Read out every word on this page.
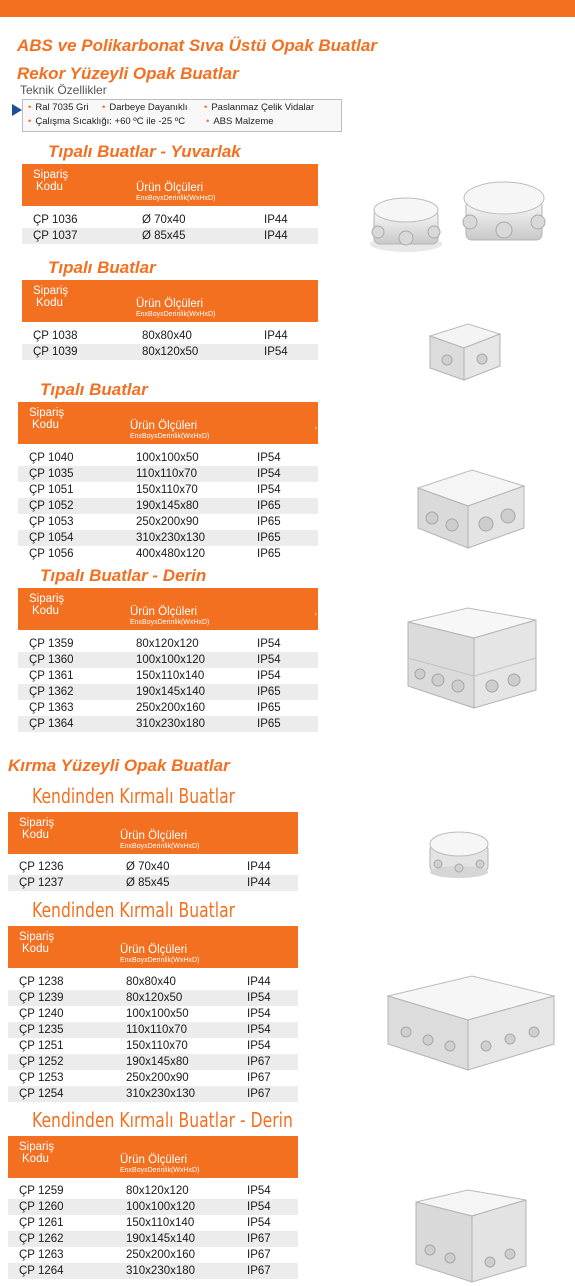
ABS ve Polikarbonat Sıva Üstü Opak Buatlar
Rekor Yüzeyli Opak Buatlar
Teknik Özellikler
• Ral 7035 Gri • Darbeye Dayanıklı • Paslanmaz Çelik Vidalar
• Çalışma Sıcaklığı: +60 ºC ile -25 ºC • ABS Malzeme
Tıpalı Buatlar - Yuvarlak
Tıpalı Buatlar
Tıpalı Buatlar
Tıpalı Buatlar - Derin
Kırma Yüzeyli Opak Buatlar
Kendinden Kırmalı Buatlar
Kendinden Kırmalı Buatlar
Kendinden Kırmalı Buatlar - Derin
Sipariş
Kodu	Ürün Ölçüleri
EnxBoyxDerinlik(WxHxD)
ÇP 1036	Ø 70x40	IP44
ÇP 1037	Ø 85x45	IP44
Sipariş
Kodu	Ürün Ölçüleri
EnxBoyxDerinlik(WxHxD)
ÇP 1038	80x80x40	IP44
ÇP 1039	80x120x50	IP54
Sipariş
Kodu	Ürün Ölçüleri
EnxBoyxDerinlik(WxHxD)
,
ÇP 1040	100x100x50	IP54
ÇP 1035	110x110x70	IP54
ÇP 1051	150x110x70	IP54
ÇP 1052	190x145x80	IP65
ÇP 1053	250x200x90	IP65
ÇP 1054	310x230x130	IP65
ÇP 1056	400x480x120	IP65
Sipariş
Kodu	Ürün Ölçüleri
EnxBoyxDerinlik(WxHxD)
,
ÇP 1359	80x120x120	IP54
ÇP 1360	100x100x120	IP54
ÇP 1361	150x110x140	IP54
ÇP 1362	190x145x140	IP65
ÇP 1363	250x200x160	IP65
ÇP 1364	310x230x180	IP65
Sipariş
Kodu	Ürün Ölçüleri
EnxBoyxDerinlik(WxHxD)
ÇP 1236	Ø 70x40	IP44
ÇP 1237	Ø 85x45	IP44
Sipariş
Kodu	Ürün Ölçüleri
EnxBoyxDerinlik(WxHxD)
ÇP 1238	80x80x40	IP44
ÇP 1239	80x120x50	IP54
ÇP 1240	100x100x50	IP54
ÇP 1235	110x110x70	IP54
ÇP 1251	150x110x70	IP54
ÇP 1252	190x145x80	IP67
ÇP 1253	250x200x90	IP67
ÇP 1254	310x230x130	IP67
Sipariş
Kodu	Ürün Ölçüleri
EnxBoyxDerinlik(WxHxD)
ÇP 1259	80x120x120	IP54
ÇP 1260	100x100x120	IP54
ÇP 1261	150x110x140	IP54
ÇP 1262	190x145x140	IP67
ÇP 1263	250x200x160	IP67
ÇP 1264	310x230x180	IP67
